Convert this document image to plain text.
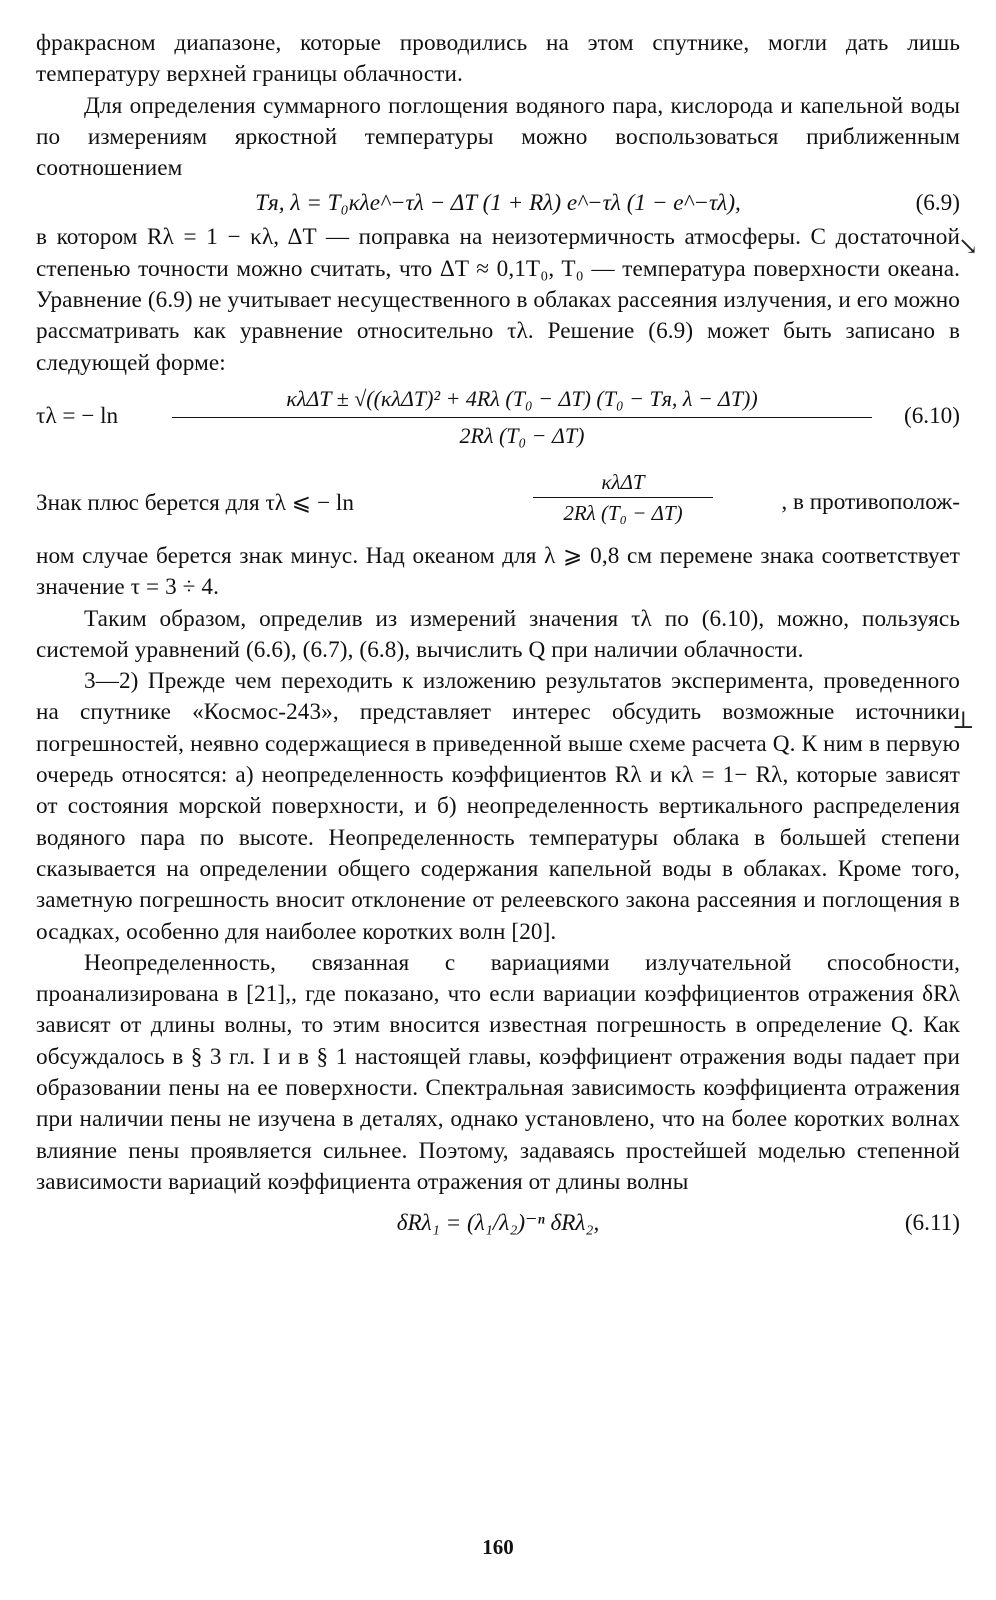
фракрасном диапазоне, которые проводились на этом спутнике, могли дать лишь температуру верхней границы облачности.

Для определения суммарного поглощения водяного пара, кислорода и капельной воды по измерениям яркостной температуры можно воспользоваться приближенным соотношением

Tя, λ = T₀κλe^−τλ − ΔT (1 + Rλ) e^−τλ (1 − e^−τλ),	(6.9)

в котором Rλ = 1 − κλ, ΔT — поправка на неизотермичность атмосферы. С достаточной степенью точности можно считать, что ΔT ≈ 0,1T₀, T₀ — температура поверхности океана. Уравнение (6.9) не учитывает несущественного в облаках рассеяния излучения, и его можно рассматривать как уравнение относительно τλ. Решение (6.9) может быть записано в следующей форме:

τλ = − ln
κλΔT ± √((κλΔT)² + 4Rλ (T₀ − ΔT) (T₀ − Tя, λ − ΔT))
2Rλ (T₀ − ΔT)
(6.10)
Знак плюс берется для τλ ⩽ − ln
κλΔT
2Rλ (T₀ − ΔT)	, в противополож-

ном случае берется знак минус. Над океаном для λ ⩾ 0,8 см перемене знака соответствует значение τ = 3 ÷ 4.

Таким образом, определив из измерений значения τλ по (6.10), можно, пользуясь системой уравнений (6.6), (6.7), (6.8), вычислить Q при наличии облачности.

3—2) Прежде чем переходить к изложению результатов эксперимента, проведенного на спутнике «Космос-243», представляет интерес обсудить возможные источники погрешностей, неявно содержащиеся в приведенной выше схеме расчета Q. К ним в первую очередь относятся: а) неопределенность коэффициентов Rλ и κλ = 1− Rλ, которые зависят от состояния морской поверхности, и б) неопределенность вертикального распределения водяного пара по высоте. Неопределенность температуры облака в большей степени сказывается на определении общего содержания капельной воды в облаках. Кроме того, заметную погрешность вносит отклонение от релеевского закона рассеяния и поглощения в осадках, особенно для наиболее коротких волн [20].

Неопределенность, связанная с вариациями излучательной способности, проанализирована в [21],, где показано, что если вариации коэффициентов отражения δRλ зависят от длины волны, то этим вносится известная погрешность в определение Q. Как обсуждалось в § 3 гл. I и в § 1 настоящей главы, коэффициент отражения воды падает при образовании пены на ее поверхности. Спектральная зависимость коэффициента отражения при наличии пены не изучена в деталях, однако установлено, что на более коротких волнах влияние пены проявляется сильнее. Поэтому, задаваясь простейшей моделью степенной зависимости вариаций коэффициента отражения от длины волны

δRλ₁ = (λ₁/λ₂)⁻ⁿ δRλ₂,	(6.11)
↘
⊥
160
